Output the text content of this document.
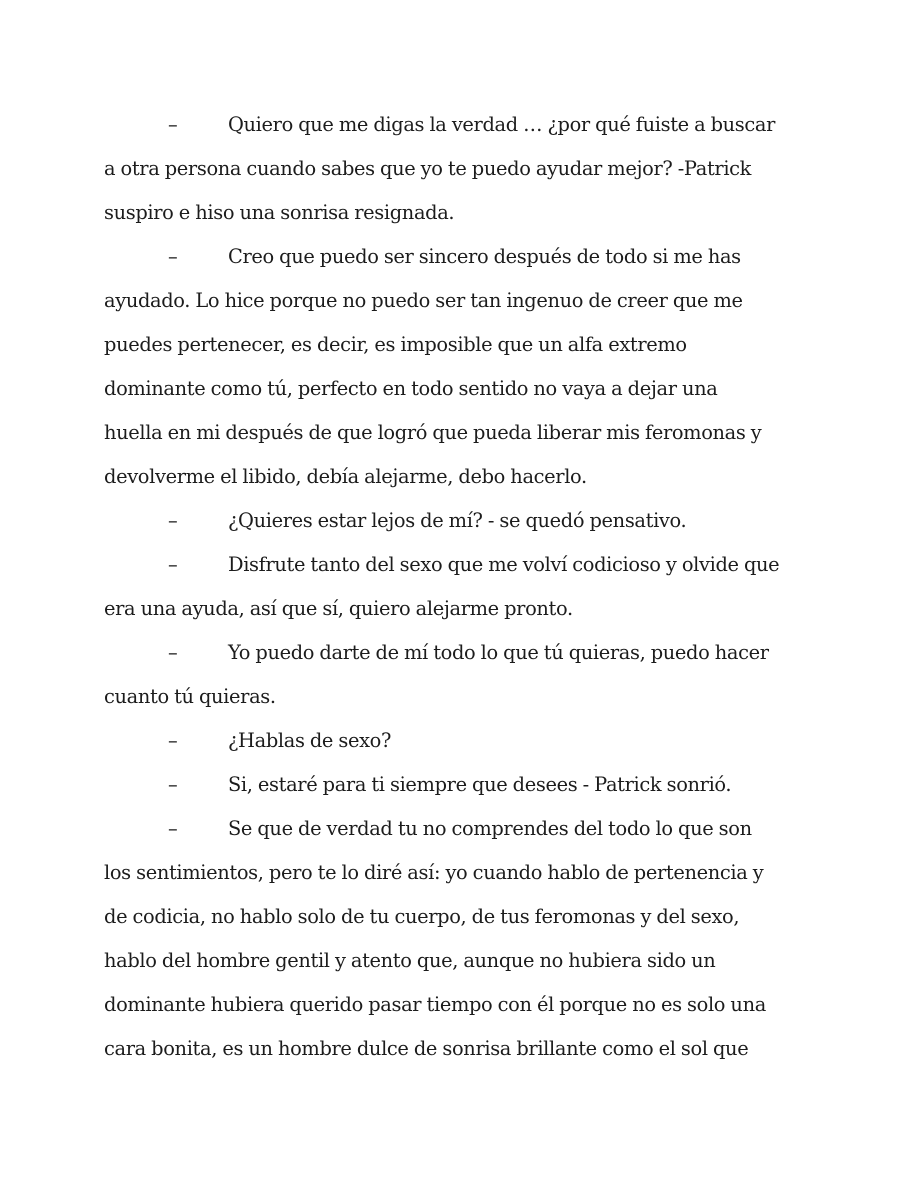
–	Quiero que me digas la verdad … ¿por qué fuiste a buscar
a otra persona cuando sabes que yo te puedo ayudar mejor? -Patrick
suspiro e hiso una sonrisa resignada.
–	Creo que puedo ser sincero después de todo si me has
ayudado. Lo hice porque no puedo ser tan ingenuo de creer que me
puedes pertenecer, es decir, es imposible que un alfa extremo
dominante como tú, perfecto en todo sentido no vaya a dejar una
huella en mi después de que logró que pueda liberar mis feromonas y
devolverme el libido, debía alejarme, debo hacerlo.
–	¿Quieres estar lejos de mí? - se quedó pensativo.
–	Disfrute tanto del sexo que me volví codicioso y olvide que
era una ayuda, así que sí, quiero alejarme pronto.
–	Yo puedo darte de mí todo lo que tú quieras, puedo hacer
cuanto tú quieras.
–	¿Hablas de sexo?
–	Si, estaré para ti siempre que desees - Patrick sonrió.
–	Se que de verdad tu no comprendes del todo lo que son
los sentimientos, pero te lo diré así: yo cuando hablo de pertenencia y
de codicia, no hablo solo de tu cuerpo, de tus feromonas y del sexo,
hablo del hombre gentil y atento que, aunque no hubiera sido un
dominante hubiera querido pasar tiempo con él porque no es solo una
cara bonita, es un hombre dulce de sonrisa brillante como el sol que
